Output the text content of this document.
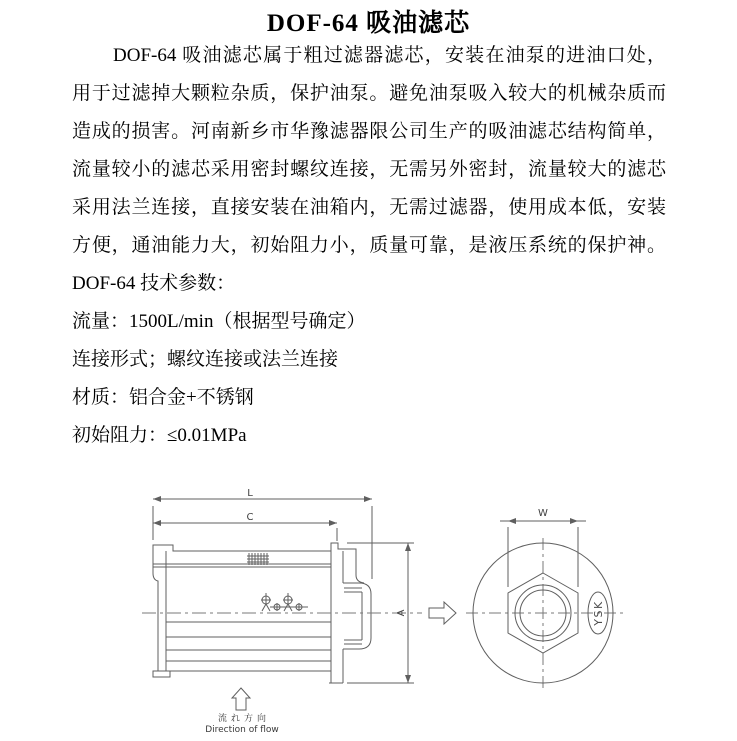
DOF-64 吸油滤芯
DOF-64 吸油滤芯属于粗过滤器滤芯，安装在油泵的进油口处，
用于过滤掉大颗粒杂质，保护油泵。避免油泵吸入较大的机械杂质而
造成的损害。河南新乡市华豫滤器限公司生产的吸油滤芯结构简单，
流量较小的滤芯采用密封螺纹连接，无需另外密封，流量较大的滤芯
采用法兰连接，直接安装在油箱内，无需过滤器，使用成本低，安装
方便，通油能力大，初始阻力小，质量可靠，是液压系统的保护神。
DOF-64 技术参数：
流量：1500L/min（根据型号确定）
连接形式；螺纹连接或法兰连接
材质：铝合金+不锈钢
初始阻力：≤0.01MPa
L
C
A
流れ方向
Direction of flow
W
YSK
